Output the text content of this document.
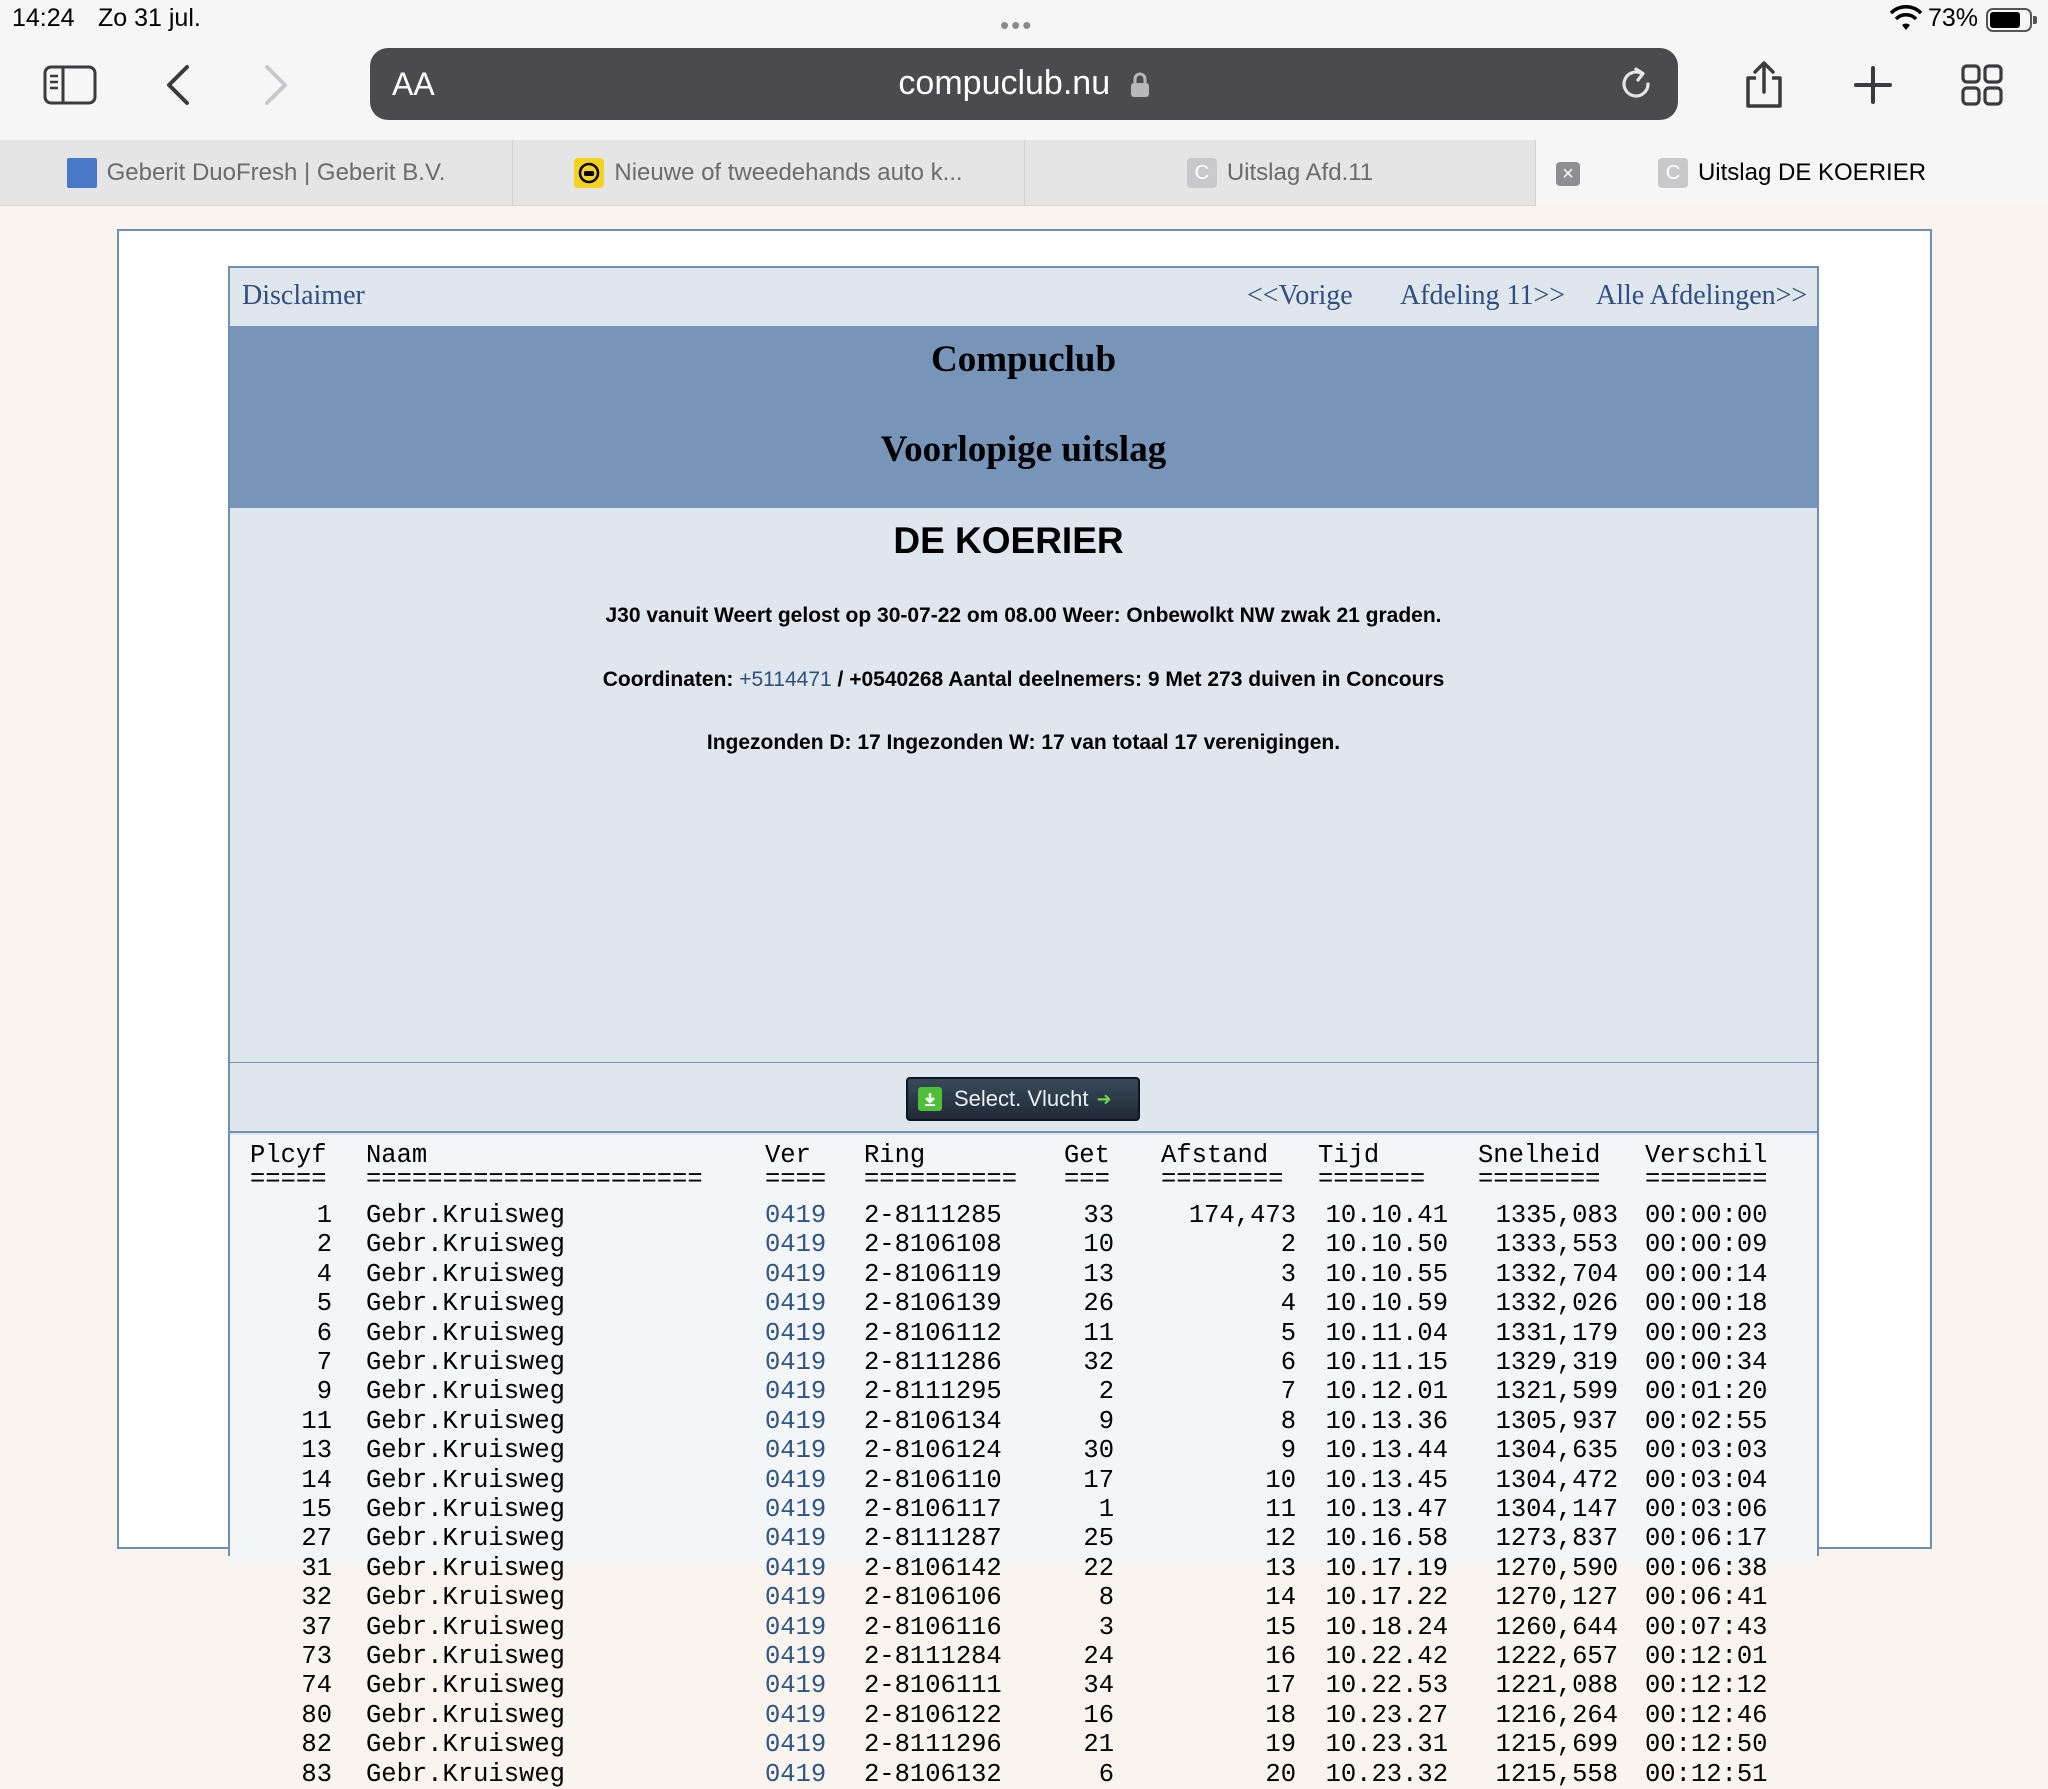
14:24 Zo 31 jul.	•••	73%
AA	compuclub.nu
Geberit DuoFresh | Geberit B.V.	Nieuwe of tweedehands auto k...	C Uitslag Afd.11	C Uitslag DE KOERIER
×
Disclaimer	<<Vorige Afdeling 11>> Alle Afdelingen>>
Compuclub
Voorlopige uitslag
DE KOERIER
J30 vanuit Weert gelost op 30-07-22 om 08.00 Weer: Onbewolkt NW zwak 21 graden.
Coordinaten: +5114471 / +0540268 Aantal deelnemers: 9 Met 273 duiven in Concours
Ingezonden D: 17 Ingezonden W: 17 van totaal 17 verenigingen.
Select. Vlucht ➜
Plcyf Naam	Ver Ring	Get Afstand Tijd	Snelheid Verschil
===== ====================== ==== ========== === ======== ======= ======== ========
1 Gebr.Kruisweg	0419	2-8111285	33	174,473	10.10.41	1335,083 00:00:00
2 Gebr.Kruisweg	0419	2-8106108	10	2	10.10.50	1333,553 00:00:09
4 Gebr.Kruisweg	0419	2-8106119	13	3	10.10.55	1332,704 00:00:14
5 Gebr.Kruisweg	0419	2-8106139	26	4	10.10.59	1332,026 00:00:18
6 Gebr.Kruisweg	0419	2-8106112	11	5	10.11.04	1331,179 00:00:23
7 Gebr.Kruisweg	0419	2-8111286	32	6	10.11.15	1329,319 00:00:34
9 Gebr.Kruisweg	0419	2-8111295	2	7	10.12.01	1321,599 00:01:20
11 Gebr.Kruisweg	0419	2-8106134	9	8	10.13.36	1305,937 00:02:55
13 Gebr.Kruisweg	0419	2-8106124	30	9	10.13.44	1304,635 00:03:03
14 Gebr.Kruisweg	0419	2-8106110	17	10	10.13.45	1304,472 00:03:04
15 Gebr.Kruisweg	0419	2-8106117	1	11	10.13.47	1304,147 00:03:06
27 Gebr.Kruisweg	0419	2-8111287	25	12	10.16.58	1273,837 00:06:17
31 Gebr.Kruisweg	0419	2-8106142	22	13	10.17.19	1270,590 00:06:38
32 Gebr.Kruisweg	0419	2-8106106	8	14	10.17.22	1270,127 00:06:41
37 Gebr.Kruisweg	0419	2-8106116	3	15	10.18.24	1260,644 00:07:43
73 Gebr.Kruisweg	0419	2-8111284	24	16	10.22.42	1222,657 00:12:01
74 Gebr.Kruisweg	0419	2-8106111	34	17	10.22.53	1221,088 00:12:12
80 Gebr.Kruisweg	0419	2-8106122	16	18	10.23.27	1216,264 00:12:46
82 Gebr.Kruisweg	0419	2-8111296	21	19	10.23.31	1215,699 00:12:50
83 Gebr.Kruisweg	0419	2-8106132	6	20	10.23.32	1215,558 00:12:51
